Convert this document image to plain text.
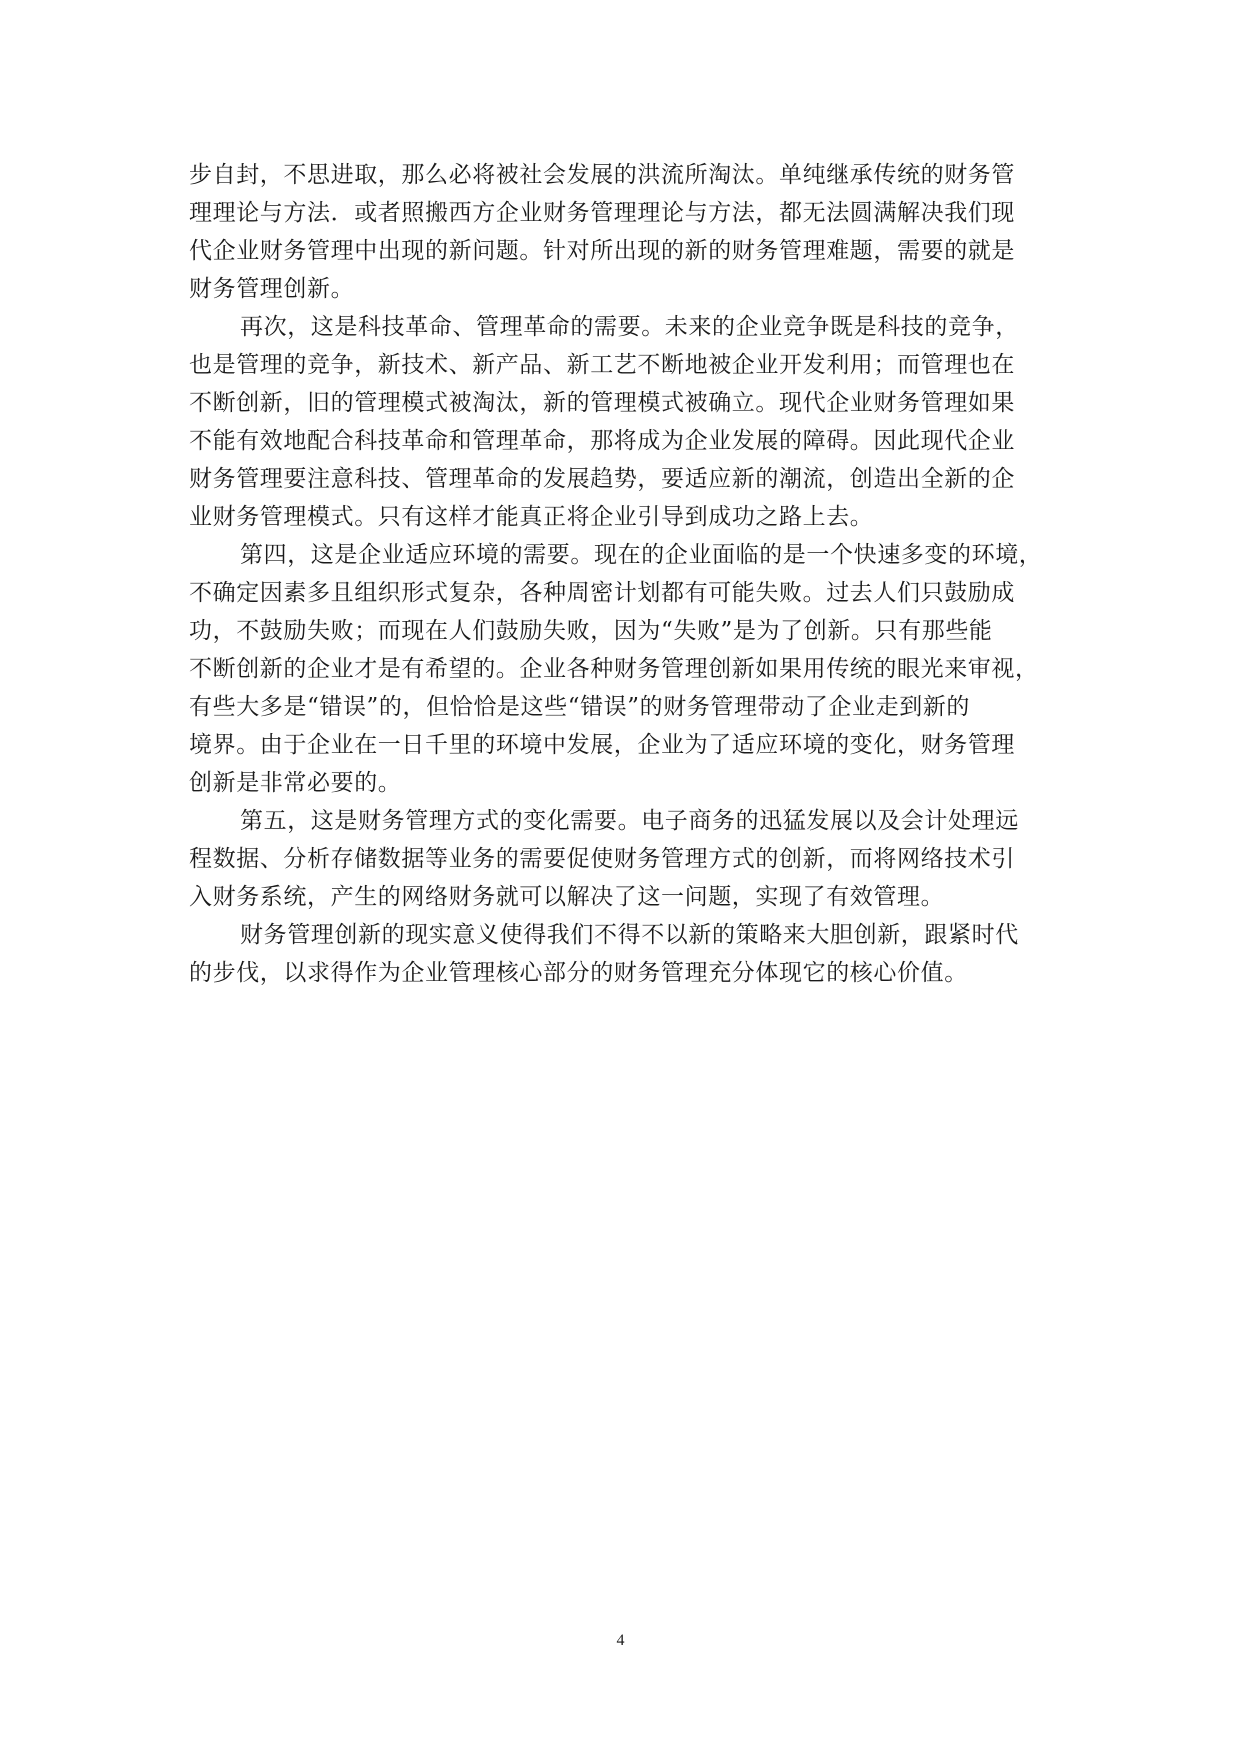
步自封，不思进取，那么必将被社会发展的洪流所淘汰。单纯继承传统的财务管
理理论与方法．或者照搬西方企业财务管理理论与方法，都无法圆满解决我们现
代企业财务管理中出现的新问题。针对所出现的新的财务管理难题，需要的就是
财务管理创新。
再次，这是科技革命、管理革命的需要。未来的企业竞争既是科技的竞争，
也是管理的竞争，新技术、新产品、新工艺不断地被企业开发利用；而管理也在
不断创新，旧的管理模式被淘汰，新的管理模式被确立。现代企业财务管理如果
不能有效地配合科技革命和管理革命，那将成为企业发展的障碍。因此现代企业
财务管理要注意科技、管理革命的发展趋势，要适应新的潮流，创造出全新的企
业财务管理模式。只有这样才能真正将企业引导到成功之路上去。
第四，这是企业适应环境的需要。现在的企业面临的是一个快速多变的环境，
不确定因素多且组织形式复杂，各种周密计划都有可能失败。过去人们只鼓励成
功，不鼓励失败；而现在人们鼓励失败，因为“失败”是为了创新。只有那些能
不断创新的企业才是有希望的。企业各种财务管理创新如果用传统的眼光来审视，
有些大多是“错误”的，但恰恰是这些“错误”的财务管理带动了企业走到新的
境界。由于企业在一日千里的环境中发展，企业为了适应环境的变化，财务管理
创新是非常必要的。
第五，这是财务管理方式的变化需要。电子商务的迅猛发展以及会计处理远
程数据、分析存储数据等业务的需要促使财务管理方式的创新，而将网络技术引
入财务系统，产生的网络财务就可以解决了这一问题，实现了有效管理。
财务管理创新的现实意义使得我们不得不以新的策略来大胆创新，跟紧时代
的步伐，以求得作为企业管理核心部分的财务管理充分体现它的核心价值。
4
